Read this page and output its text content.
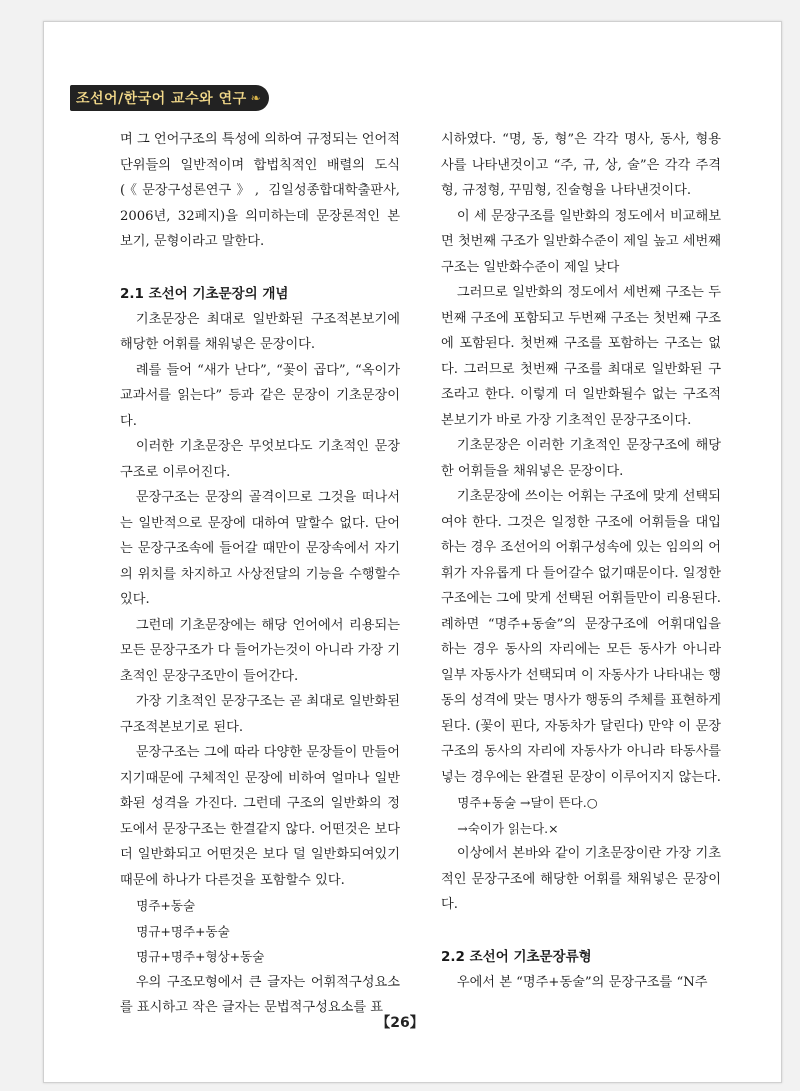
조선어/한국어 교수와 연구 ❧

며 그 언어구조의 특성에 의하여 규정되는 언어적단위들의 일반적이며 합법칙적인 배렬의 도식(《문장구성론연구》, 김일성종합대학출판사, 2006년, 32페지)을 의미하는데 문장론적인 본보기, 문형이라고 말한다.

2.1 조선어 기초문장의 개념

기초문장은 최대로 일반화된 구조적본보기에 해당한 어휘를 채워넣은 문장이다.

례를 들어 “새가 난다”, “꽃이 곱다”, “옥이가 교과서를 읽는다” 등과 같은 문장이 기초문장이다.

이러한 기초문장은 무엇보다도 기초적인 문장구조로 이루어진다.

문장구조는 문장의 골격이므로 그것을 떠나서는 일반적으로 문장에 대하여 말할수 없다. 단어는 문장구조속에 들어갈 때만이 문장속에서 자기의 위치를 차지하고 사상전달의 기능을 수행할수 있다.

그런데 기초문장에는 해당 언어에서 리용되는 모든 문장구조가 다 들어가는것이 아니라 가장 기초적인 문장구조만이 들어간다.

가장 기초적인 문장구조는 곧 최대로 일반화된 구조적본보기로 된다.

문장구조는 그에 따라 다양한 문장들이 만들어지기때문에 구체적인 문장에 비하여 얼마나 일반화된 성격을 가진다. 그런데 구조의 일반화의 정도에서 문장구조는 한결같지 않다. 어떤것은 보다 더 일반화되고 어떤것은 보다 덜 일반화되여있기때문에 하나가 다른것을 포함할수 있다.

명주+동술

명규+명주+동술

명규+명주+형상+동술

우의 구조모형에서 큰 글자는 어휘적구성요소를 표시하고 작은 글자는 문법적구성요소를 표

시하였다. “명, 동, 형”은 각각 명사, 동사, 형용사를 나타낸것이고 “주, 규, 상, 술”은 각각 주격형, 규정형, 꾸밈형, 진술형을 나타낸것이다.

이 세 문장구조를 일반화의 정도에서 비교해보면 첫번째 구조가 일반화수준이 제일 높고 세번째 구조는 일반화수준이 제일 낮다

그러므로 일반화의 정도에서 세번째 구조는 두번째 구조에 포함되고 두번째 구조는 첫번째 구조에 포함된다. 첫번째 구조를 포함하는 구조는 없다. 그러므로 첫번째 구조를 최대로 일반화된 구조라고 한다. 이렇게 더 일반화될수 없는 구조적본보기가 바로 가장 기초적인 문장구조이다.

기초문장은 이러한 기초적인 문장구조에 해당한 어휘들을 채워넣은 문장이다.

기초문장에 쓰이는 어휘는 구조에 맞게 선택되여야 한다. 그것은 일정한 구조에 어휘들을 대입하는 경우 조선어의 어휘구성속에 있는 임의의 어휘가 자유롭게 다 들어갈수 없기때문이다. 일정한 구조에는 그에 맞게 선택된 어휘들만이 리용된다. 례하면 “명주+동술”의 문장구조에 어휘대입을 하는 경우 동사의 자리에는 모든 동사가 아니라 일부 자동사가 선택되며 이 자동사가 나타내는 행동의 성격에 맞는 명사가 행동의 주체를 표현하게 된다. (꽃이 핀다, 자동차가 달린다) 만약 이 문장구조의 동사의 자리에 자동사가 아니라 타동사를 넣는 경우에는 완결된 문장이 이루어지지 않는다.

명주+동술 →달이 뜬다.○

→숙이가 읽는다.×

이상에서 본바와 같이 기초문장이란 가장 기초적인 문장구조에 해당한 어휘를 채워넣은 문장이다.

2.2 조선어 기초문장류형

우에서 본 “명주+동술”의 문장구조를 “N주

【26】
